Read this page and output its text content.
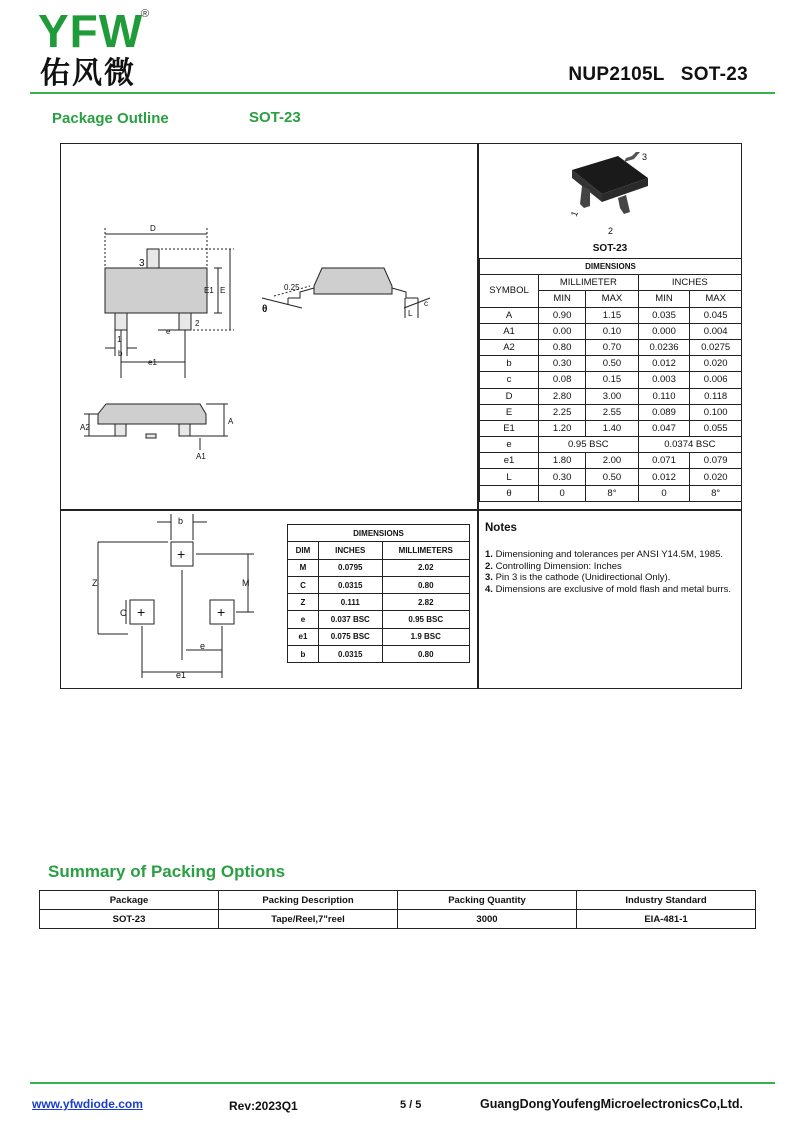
YFW
®
佑风微	NUP2105L SOT-23
Package Outline	SOT-23
D
3
E1 E
e
2
1
b
e1
A2
A
A1
0.25
θ	L
c
3
1
2
SOT-23
DIMENSIONS				
SYMBOL	MILLIMETER		INCHES	
	MIN	MAX	MIN	MAX
A	0.90	1.15	0.035	0.045
A1	0.00	0.10	0.000	0.004
A2	0.80	0.70	0.0236	0.0275
b	0.30	0.50	0.012	0.020
c	0.08	0.15	0.003	0.006
D	2.80	3.00	0.110	0.118
E	2.25	2.55	0.089	0.100
E1	1.20	1.40	0.047	0.055
e	0.95 BSC		0.0374 BSC	
e1	1.80	2.00	0.071	0.079
L	0.30	0.50	0.012	0.020
θ	0	8°	0	8°
b
Z
C
M
e
e1
+
+	+
DIMENSIONS		
DIM	INCHES	MILLIMETERS
M	0.0795	2.02
C	0.0315	0.80
Z	0.111	2.82
e	0.037 BSC	0.95 BSC
e1	0.075 BSC	1.9 BSC
b	0.0315	0.80
Notes

1. Dimensioning and tolerances per ANSI Y14.5M, 1985.

2. Controlling Dimension: Inches

3. Pin 3 is the cathode (Unidirectional Only).

4. Dimensions are exclusive of mold flash and metal burrs.

Summary of Packing Options
Package	Packing Description	Packing Quantity	Industry Standard
SOT-23	Tape/Reel,7"reel	3000	EIA-481-1
www.yfwdiode.com	Rev:2023Q1	5 / 5	GuangDongYoufengMicroelectronicsCo,Ltd.
